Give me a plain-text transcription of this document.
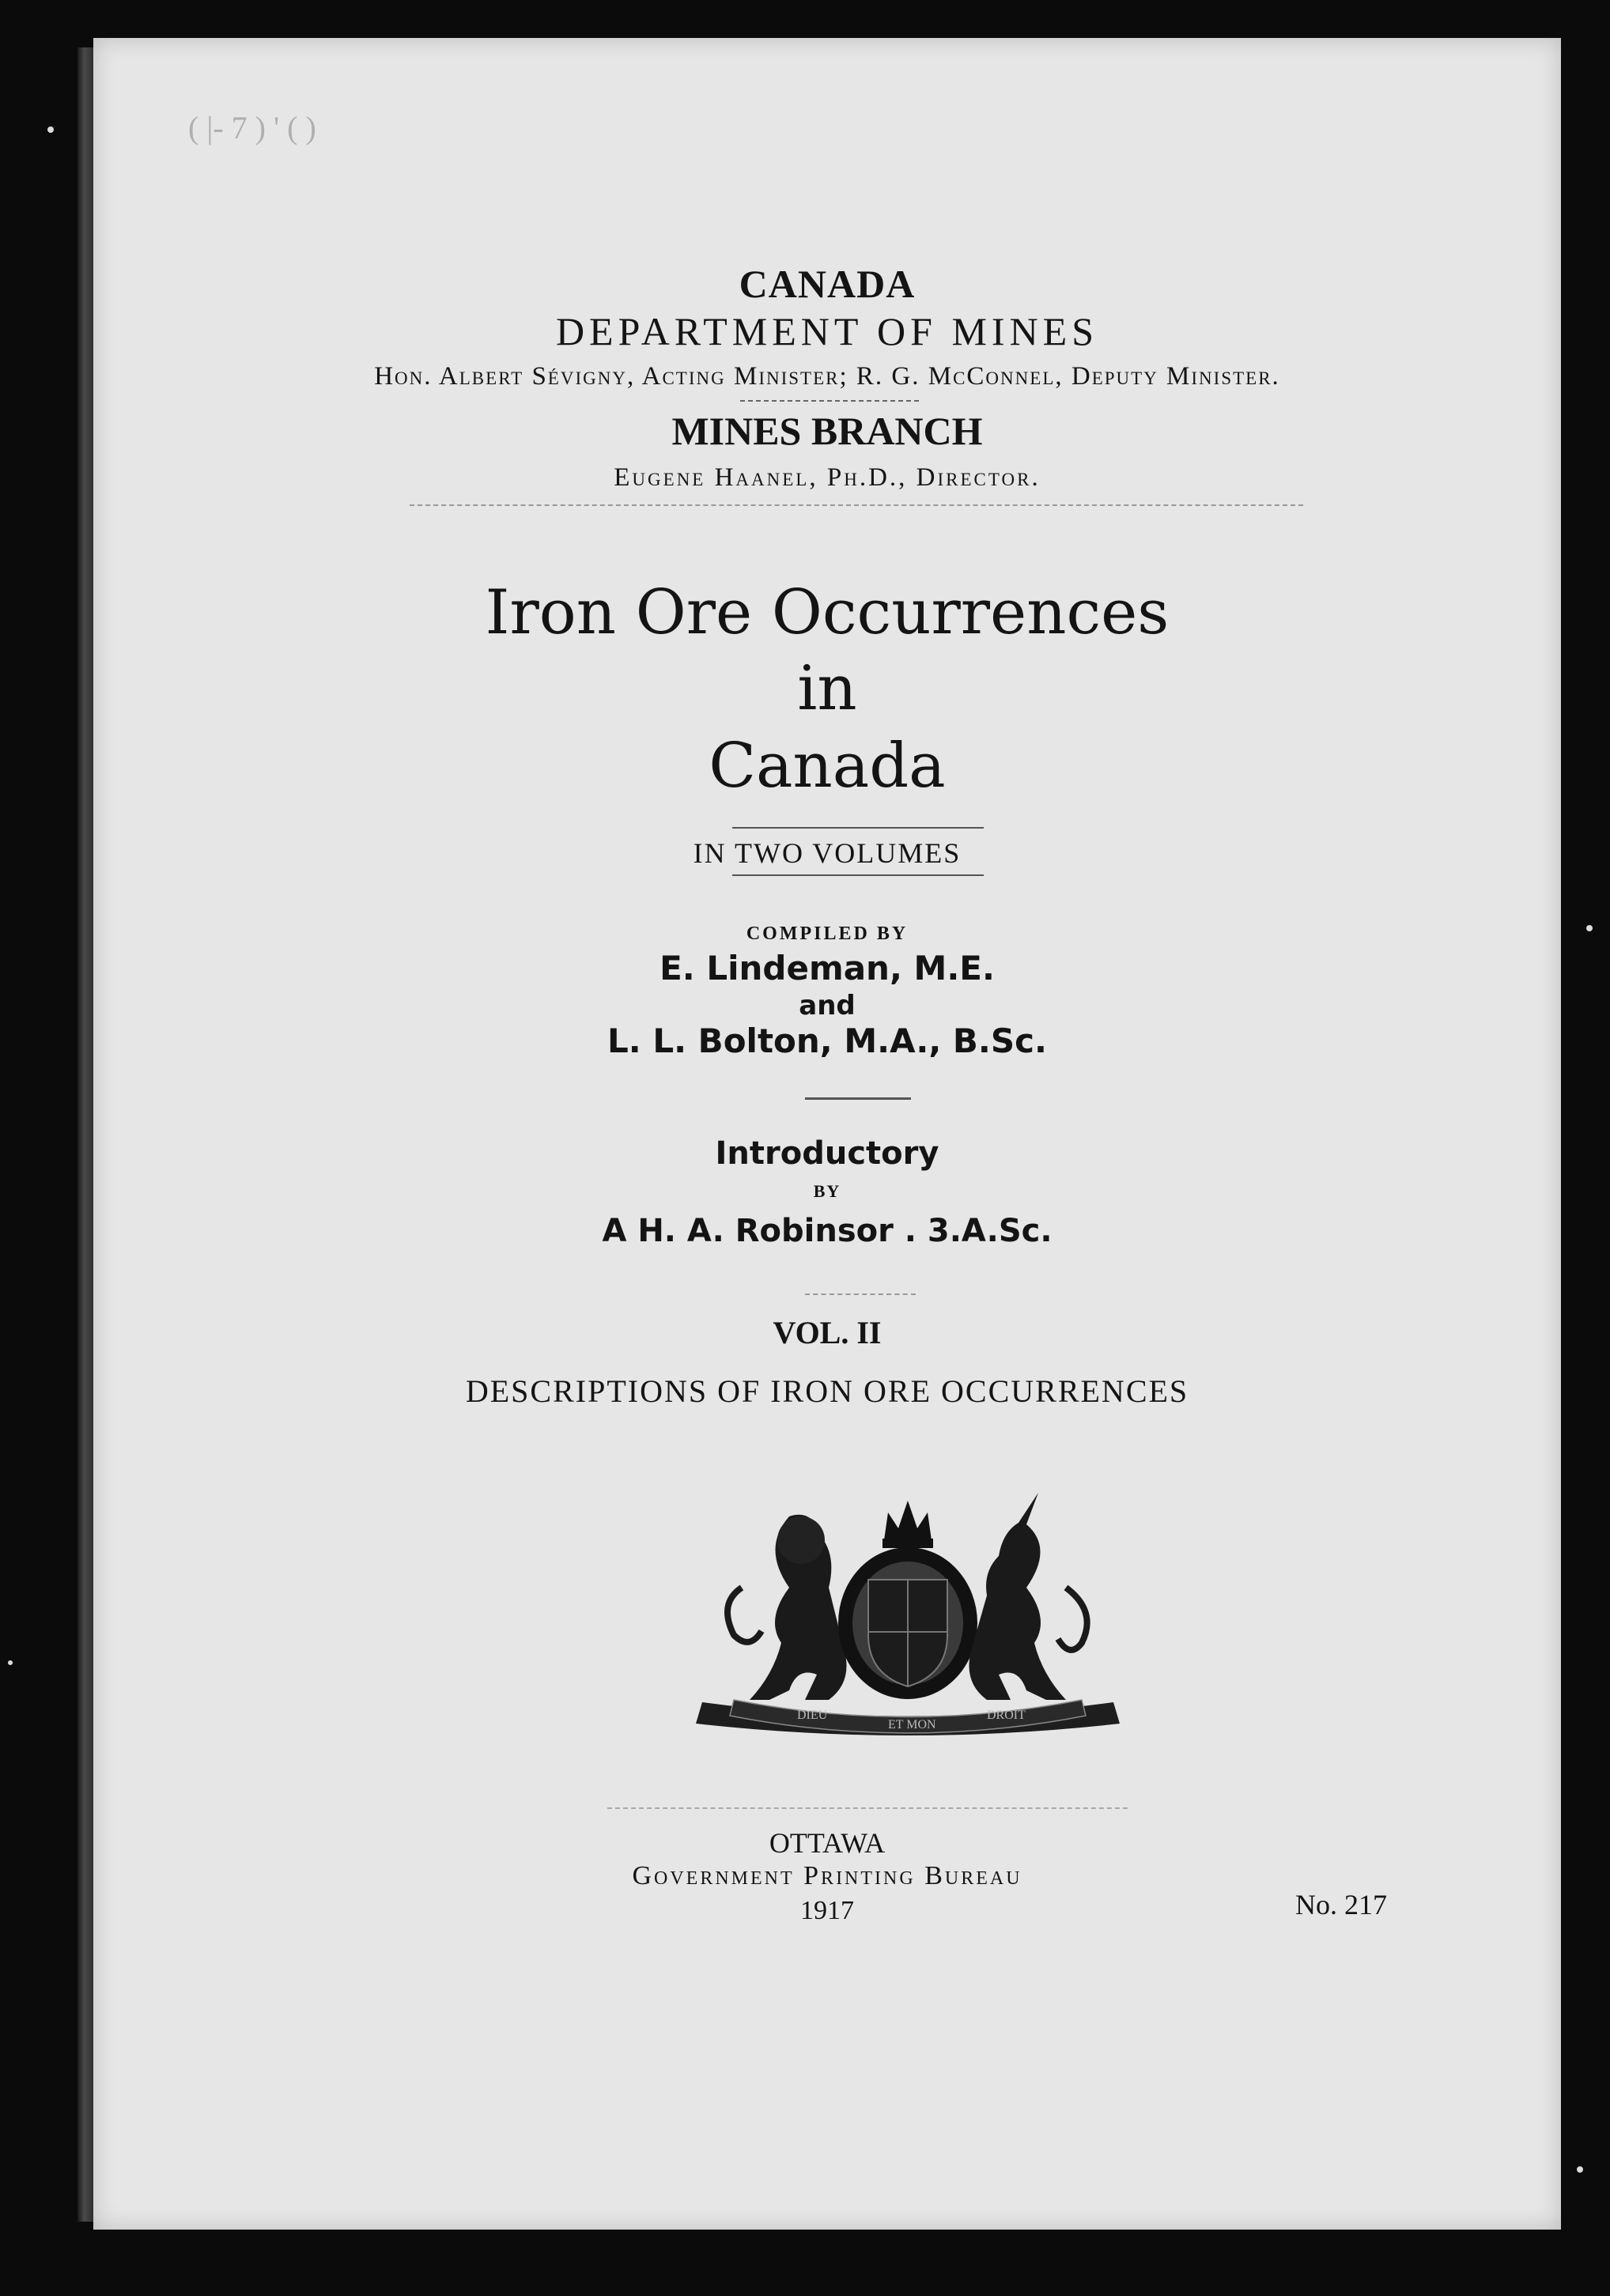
( |- 7 ) ' ( )
CANADA
DEPARTMENT OF MINES
Hon. Albert Sévigny, Acting Minister; R. G. McConnel, Deputy Minister.
MINES BRANCH
Eugene Haanel, Ph.D., Director.
Iron Ore Occurrences
in
Canada
IN TWO VOLUMES
COMPILED BY
E. Lindeman, M.E.
and
L. L. Bolton, M.A., B.Sc.
Introductory
BY
A H. A. Robinsor . 3.A.Sc.
VOL. II
DESCRIPTIONS OF IRON ORE OCCURRENCES
DIEU
ET MON
DROIT
OTTAWA
Government Printing Bureau
1917	No. 217
